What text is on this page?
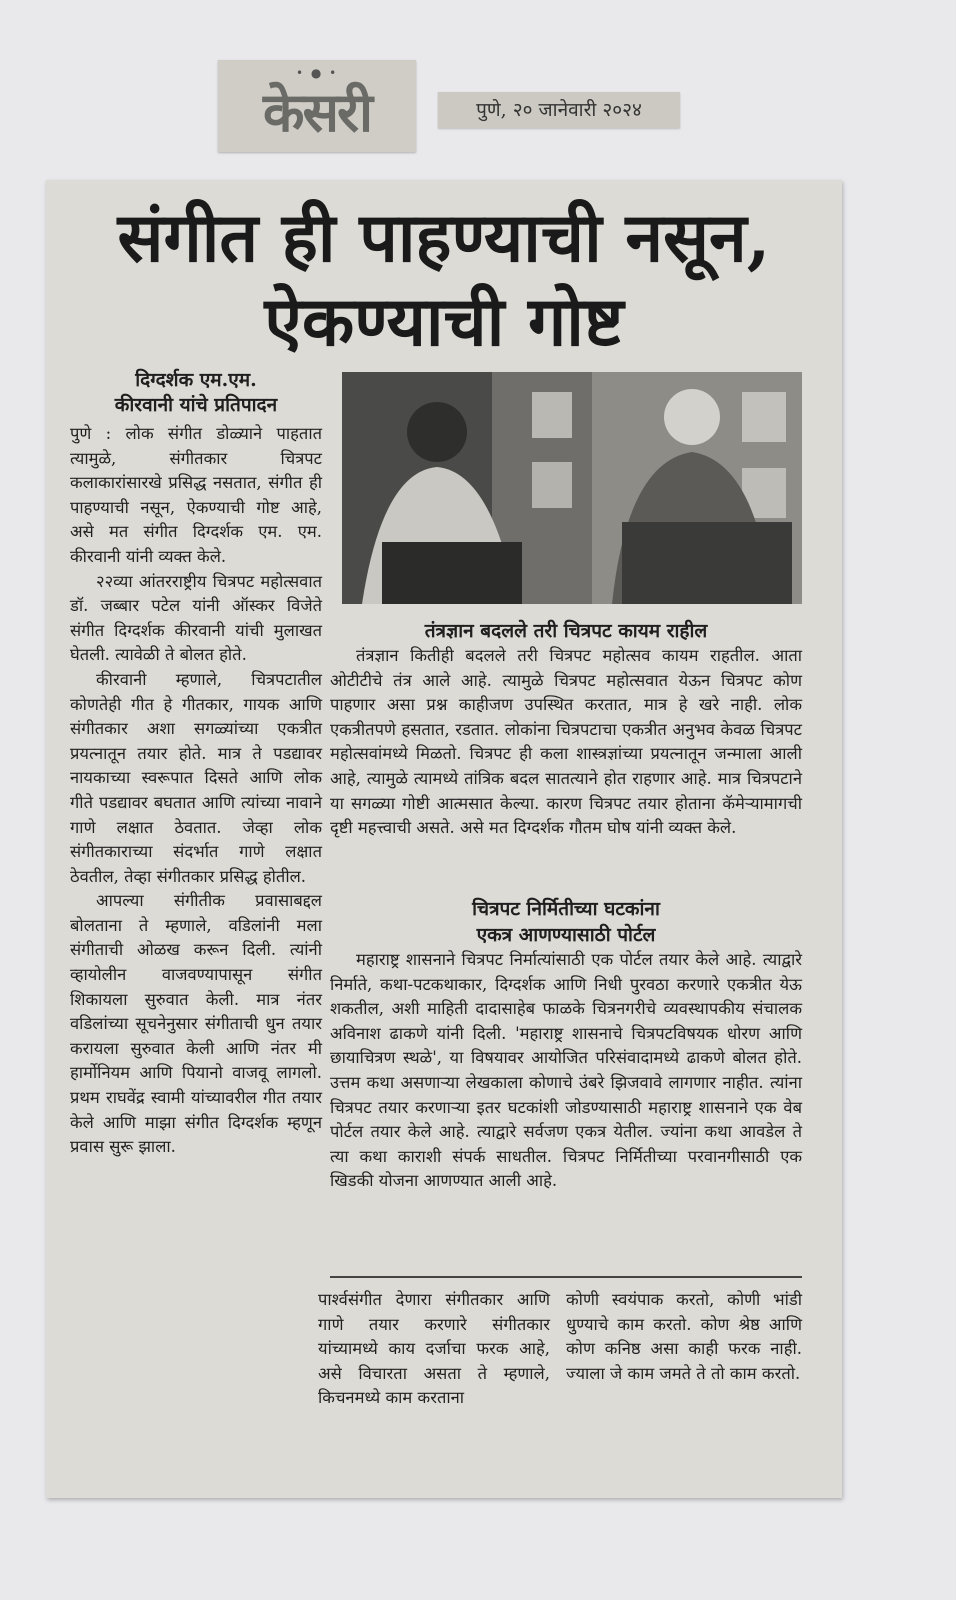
• ● •
केसरी	पुणे, २० जानेवारी २०२४
संगीत ही पाहण्याची नसून,
ऐकण्याची गोष्ट
दिग्दर्शक एम.एम.
कीरवानी यांचे प्रतिपादन

पुणे : लोक संगीत डोळ्याने पाहतात त्यामुळे, संगीतकार चित्रपट कलाकारांसारखे प्रसिद्ध नसतात, संगीत ही पाहण्याची नसून, ऐकण्याची गोष्ट आहे, असे मत संगीत दिग्दर्शक एम. एम. कीरवानी यांनी व्यक्त केले.

२२व्या आंतरराष्ट्रीय चित्रपट महोत्सवात डॉ. जब्बार पटेल यांनी ऑस्कर विजेते संगीत दिग्दर्शक कीरवानी यांची मुलाखत घेतली. त्यावेळी ते बोलत होते.

कीरवानी म्हणाले, चित्रपटातील कोणतेही गीत हे गीतकार, गायक आणि संगीतकार अशा सगळ्यांच्या एकत्रीत प्रयत्नातून तयार होते. मात्र ते पडद्यावर नायकाच्या स्वरूपात दिसते आणि लोक गीते पडद्यावर बघतात आणि त्यांच्या नावाने गाणे लक्षात ठेवतात. जेव्हा लोक संगीतकाराच्या संदर्भात गाणे लक्षात ठेवतील, तेव्हा संगीतकार प्रसिद्ध होतील.

आपल्या संगीतीक प्रवासाबद्दल बोलताना ते म्हणाले, वडिलांनी मला संगीताची ओळख करून दिली. त्यांनी व्हायोलीन वाजवण्यापासून संगीत शिकायला सुरुवात केली. मात्र नंतर वडिलांच्या सूचनेनुसार संगीताची धुन तयार करायला सुरुवात केली आणि नंतर मी हार्मोनियम आणि पियानो वाजवू लागलो. प्रथम राघवेंद्र स्वामी यांच्यावरील गीत तयार केले आणि माझा संगीत दिग्दर्शक म्हणून प्रवास सुरू झाला.

तंत्रज्ञान बदलले तरी चित्रपट कायम राहील

तंत्रज्ञान कितीही बदलले तरी चित्रपट महोत्सव कायम राहतील. आता ओटीटीचे तंत्र आले आहे. त्यामुळे चित्रपट महोत्सवात येऊन चित्रपट कोण पाहणार असा प्रश्न काहीजण उपस्थित करतात, मात्र हे खरे नाही. लोक एकत्रीतपणे हसतात, रडतात. लोकांना चित्रपटाचा एकत्रीत अनुभव केवळ चित्रपट महोत्सवांमध्ये मिळतो. चित्रपट ही कला शास्त्रज्ञांच्या प्रयत्नातून जन्माला आली आहे, त्यामुळे त्यामध्ये तांत्रिक बदल सातत्याने होत राहणार आहे. मात्र चित्रपटाने या सगळ्या गोष्टी आत्मसात केल्या. कारण चित्रपट तयार होताना कॅमेऱ्यामागची दृष्टी महत्त्वाची असते. असे मत दिग्दर्शक गौतम घोष यांनी व्यक्त केले.

चित्रपट निर्मितीच्या घटकांना
एकत्र आणण्यासाठी पोर्टल

महाराष्ट्र शासनाने चित्रपट निर्मात्यांसाठी एक पोर्टल तयार केले आहे. त्याद्वारे निर्माते, कथा-पटकथाकार, दिग्दर्शक आणि निधी पुरवठा करणारे एकत्रीत येऊ शकतील, अशी माहिती दादासाहेब फाळके चित्रनगरीचे व्यवस्थापकीय संचालक अविनाश ढाकणे यांनी दिली. 'महाराष्ट्र शासनाचे चित्रपटविषयक धोरण आणि छायाचित्रण स्थळे', या विषयावर आयोजित परिसंवादामध्ये ढाकणे बोलत होते. उत्तम कथा असणाऱ्या लेखकाला कोणाचे उंबरे झिजवावे लागणार नाहीत. त्यांना चित्रपट तयार करणाऱ्या इतर घटकांशी जोडण्यासाठी महाराष्ट्र शासनाने एक वेब पोर्टल तयार केले आहे. त्याद्वारे सर्वजण एकत्र येतील. ज्यांना कथा आवडेल ते त्या कथा काराशी संपर्क साधतील. चित्रपट निर्मितीच्या परवानगीसाठी एक खिडकी योजना आणण्यात आली आहे.

पार्श्वसंगीत देणारा संगीतकार आणि गाणे तयार करणारे संगीतकार यांच्यामध्ये काय दर्जाचा फरक आहे, असे विचारता असता ते म्हणाले, किचनमध्ये काम करताना

कोणी स्वयंपाक करतो, कोणी भांडी धुण्याचे काम करतो. कोण श्रेष्ठ आणि कोण कनिष्ठ असा काही फरक नाही. ज्याला जे काम जमते ते तो काम करतो.
